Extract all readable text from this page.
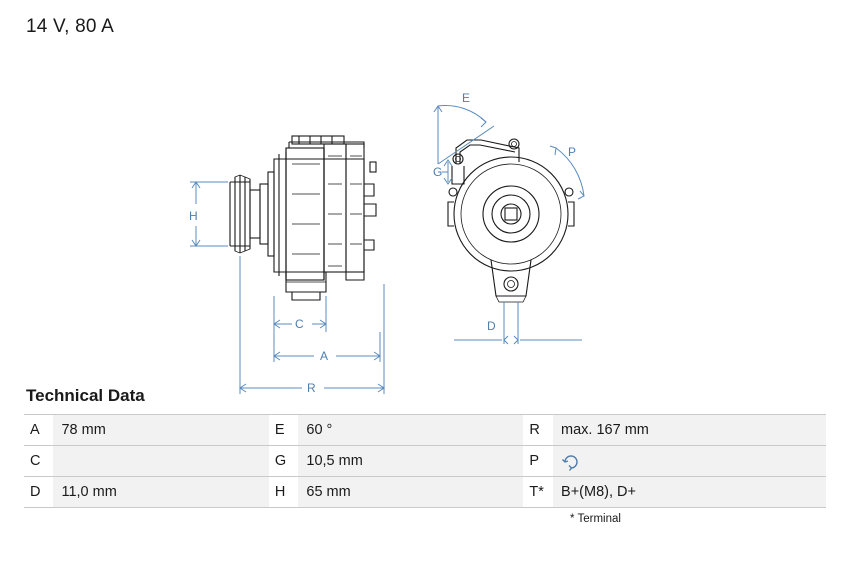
14 V, 80 A
H
C
A
R
E
G
P
D
Technical Data
A	78 mm	E	60 °	R	max. 167 mm
C		G	10,5 mm	P	
D	11,0 mm	H	65 mm	T*	B+(M8), D+
* Terminal
